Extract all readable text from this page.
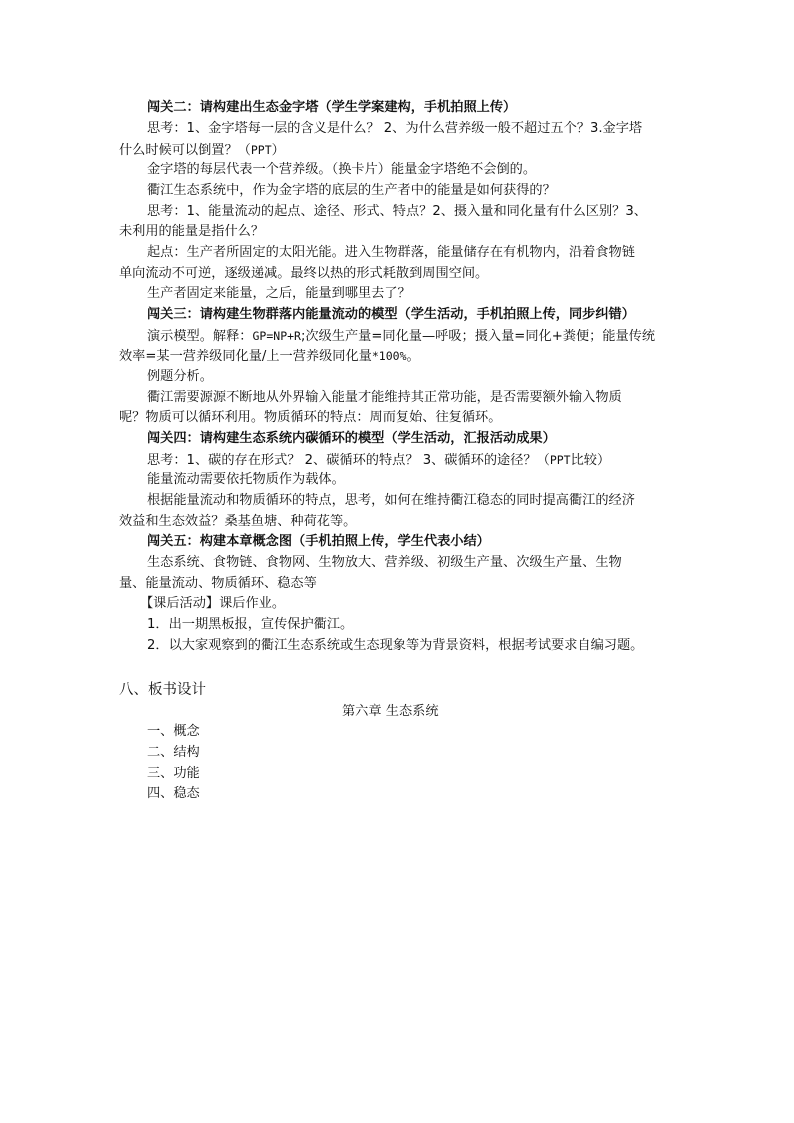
闯关二：请构建出生态金字塔（学生学案建构，手机拍照上传）
思考：1、金字塔每一层的含义是什么？ 2、为什么营养级一般不超过五个？3.金字塔
什么时候可以倒置？（PPT）
金字塔的每层代表一个营养级。（换卡片）能量金字塔绝不会倒的。
衢江生态系统中，作为金字塔的底层的生产者中的能量是如何获得的？
思考：1、能量流动的起点、途径、形式、特点？2、摄入量和同化量有什么区别？3、
未利用的能量是指什么？
起点：生产者所固定的太阳光能。进入生物群落，能量储存在有机物内，沿着食物链
单向流动不可逆，逐级递减。最终以热的形式耗散到周围空间。
生产者固定来能量，之后，能量到哪里去了？
闯关三：请构建生物群落内能量流动的模型（学生活动，手机拍照上传，同步纠错）
演示模型。解释：GP=NP+R;次级生产量=同化量—呼吸；摄入量=同化+粪便；能量传统
效率=某一营养级同化量/上一营养级同化量*100%。
例题分析。
衢江需要源源不断地从外界输入能量才能维持其正常功能，是否需要额外输入物质
呢？物质可以循环利用。物质循环的特点：周而复始、往复循环。
闯关四：请构建生态系统内碳循环的模型（学生活动，汇报活动成果）
思考：1、碳的存在形式？ 2、碳循环的特点？ 3、碳循环的途径？（PPT比较）
能量流动需要依托物质作为载体。
根据能量流动和物质循环的特点，思考，如何在维持衢江稳态的同时提高衢江的经济
效益和生态效益？桑基鱼塘、种荷花等。
闯关五：构建本章概念图（手机拍照上传，学生代表小结）
生态系统、食物链、食物网、生物放大、营养级、初级生产量、次级生产量、生物
量、能量流动、物质循环、稳态等
【课后活动】课后作业。
1．出一期黑板报，宣传保护衢江。
2．以大家观察到的衢江生态系统或生态现象等为背景资料，根据考试要求自编习题。
八、板书设计
第六章 生态系统
一、概念
二、结构
三、功能
四、稳态
